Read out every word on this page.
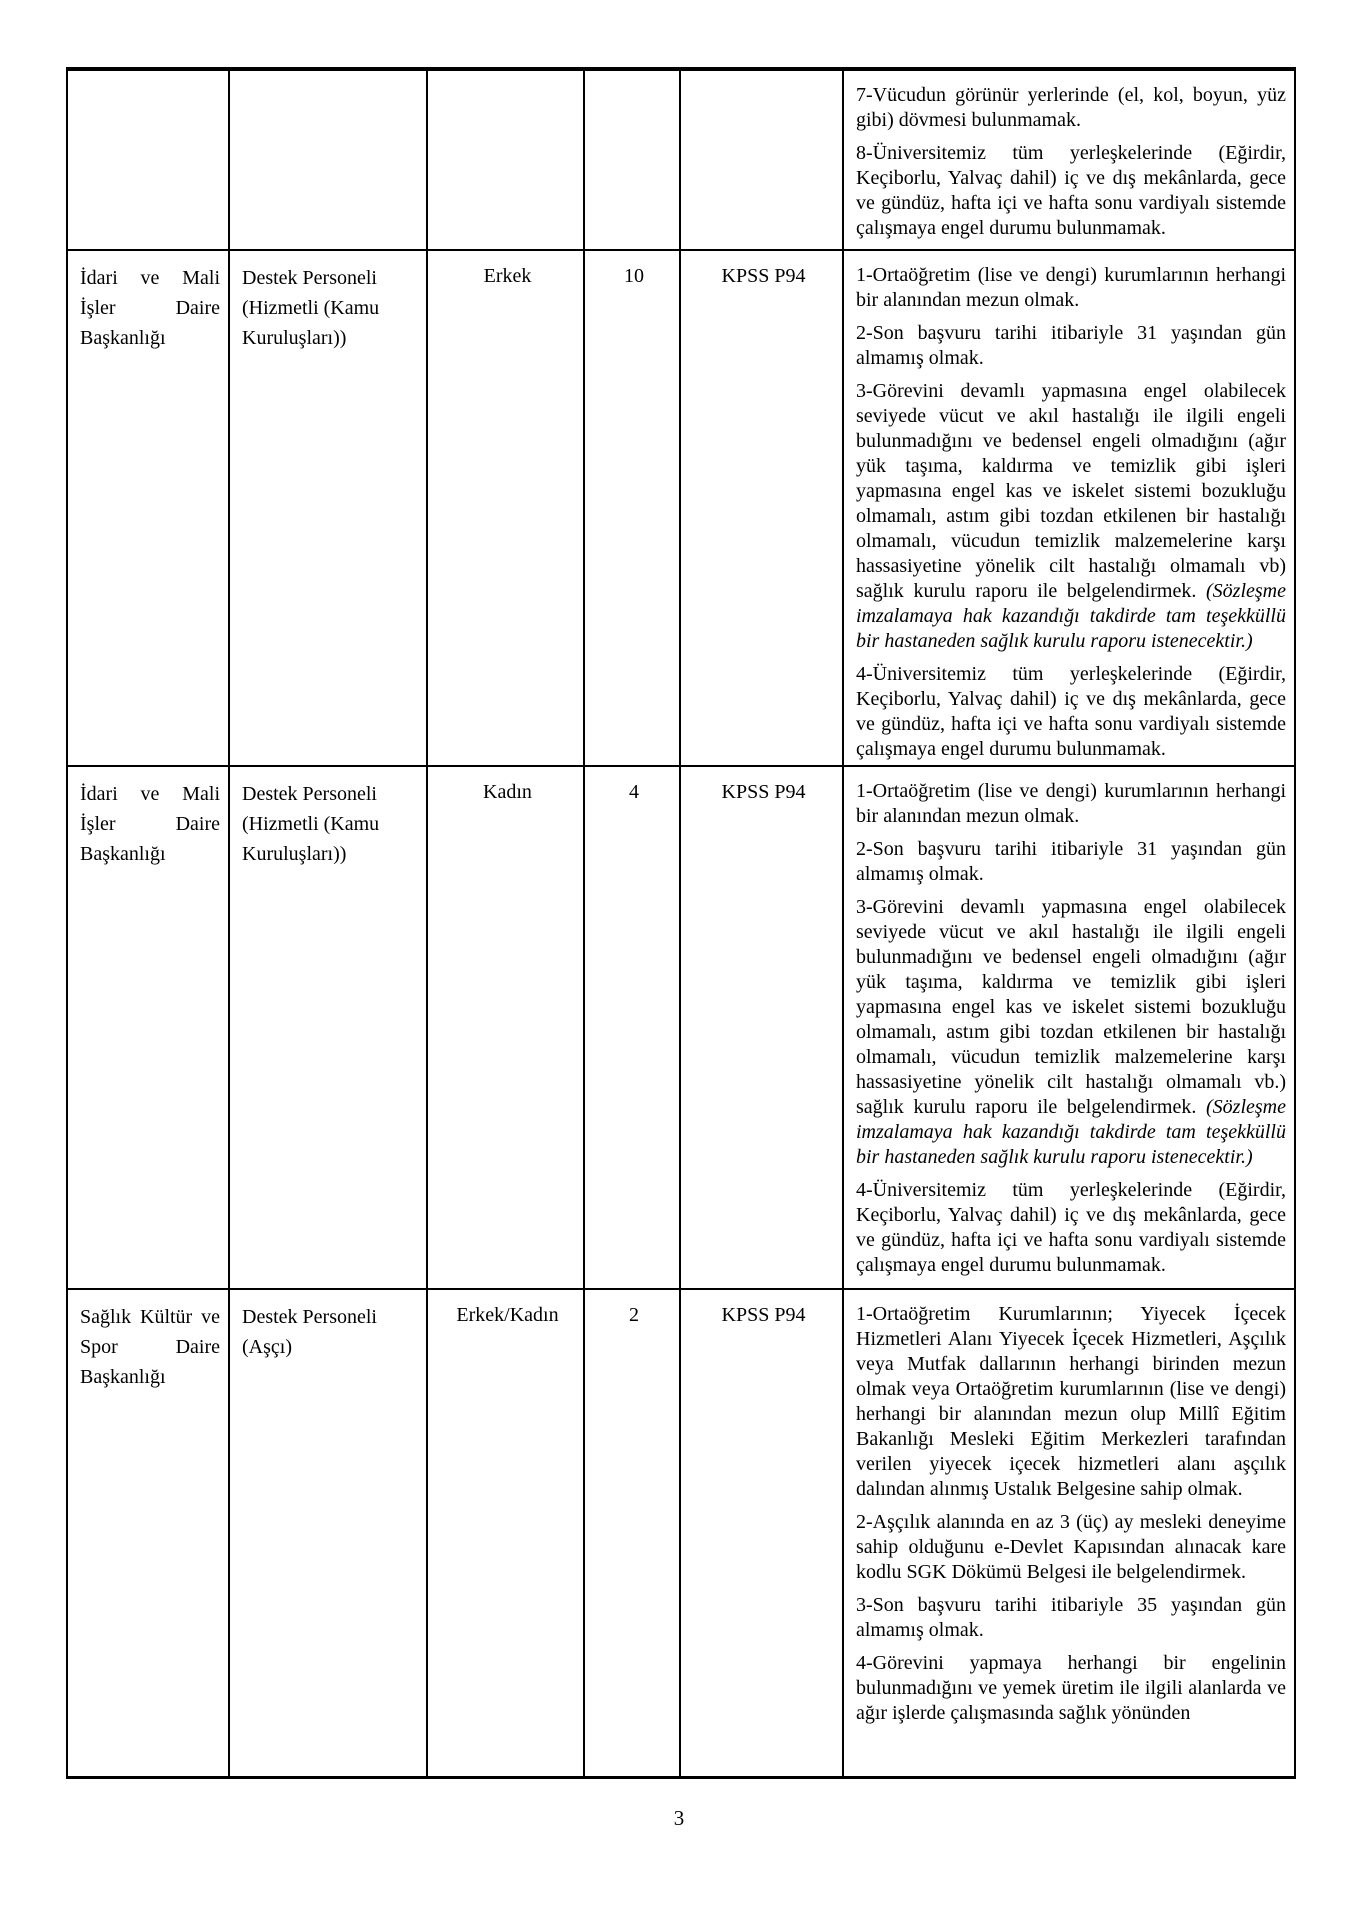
					7-Vücudun görünür yerlerinde (el, kol, boyun, yüz gibi) dövmesi bulunmamak.

8-Üniversitemiz tüm yerleşkelerinde (Eğirdir, Keçiborlu, Yalvaç dahil) iç ve dış mekânlarda, gece ve gündüz, hafta içi ve hafta sonu vardiyalı sistemde çalışmaya engel durumu bulunmamak.

İdari ve Mali İşler Daire Başkanlığı	Destek Personeli (Hizmetli (Kamu Kuruluşları))	Erkek	10	KPSS P94	1-Ortaöğretim (lise ve dengi) kurumlarının herhangi bir alanından mezun olmak.

2-Son başvuru tarihi itibariyle 31 yaşından gün almamış olmak.

3-Görevini devamlı yapmasına engel olabilecek seviyede vücut ve akıl hastalığı ile ilgili engeli bulunmadığını ve bedensel engeli olmadığını (ağır yük taşıma, kaldırma ve temizlik gibi işleri yapmasına engel kas ve iskelet sistemi bozukluğu olmamalı, astım gibi tozdan etkilenen bir hastalığı olmamalı, vücudun temizlik malzemelerine karşı hassasiyetine yönelik cilt hastalığı olmamalı vb) sağlık kurulu raporu ile belgelendirmek. (Sözleşme imzalamaya hak kazandığı takdirde tam teşekküllü bir hastaneden sağlık kurulu raporu istenecektir.)

4-Üniversitemiz tüm yerleşkelerinde (Eğirdir, Keçiborlu, Yalvaç dahil) iç ve dış mekânlarda, gece ve gündüz, hafta içi ve hafta sonu vardiyalı sistemde çalışmaya engel durumu bulunmamak.

İdari ve Mali İşler Daire Başkanlığı	Destek Personeli (Hizmetli (Kamu Kuruluşları))	Kadın	4	KPSS P94	1-Ortaöğretim (lise ve dengi) kurumlarının herhangi bir alanından mezun olmak.

2-Son başvuru tarihi itibariyle 31 yaşından gün almamış olmak.

3-Görevini devamlı yapmasına engel olabilecek seviyede vücut ve akıl hastalığı ile ilgili engeli bulunmadığını ve bedensel engeli olmadığını (ağır yük taşıma, kaldırma ve temizlik gibi işleri yapmasına engel kas ve iskelet sistemi bozukluğu olmamalı, astım gibi tozdan etkilenen bir hastalığı olmamalı, vücudun temizlik malzemelerine karşı hassasiyetine yönelik cilt hastalığı olmamalı vb.) sağlık kurulu raporu ile belgelendirmek. (Sözleşme imzalamaya hak kazandığı takdirde tam teşekküllü bir hastaneden sağlık kurulu raporu istenecektir.)

4-Üniversitemiz tüm yerleşkelerinde (Eğirdir, Keçiborlu, Yalvaç dahil) iç ve dış mekânlarda, gece ve gündüz, hafta içi ve hafta sonu vardiyalı sistemde çalışmaya engel durumu bulunmamak.

Sağlık Kültür ve Spor Daire Başkanlığı	Destek Personeli (Aşçı)	Erkek/Kadın	2	KPSS P94	1-Ortaöğretim Kurumlarının; Yiyecek İçecek Hizmetleri Alanı Yiyecek İçecek Hizmetleri, Aşçılık veya Mutfak dallarının herhangi birinden mezun olmak veya Ortaöğretim kurumlarının (lise ve dengi) herhangi bir alanından mezun olup Millî Eğitim Bakanlığı Mesleki Eğitim Merkezleri tarafından verilen yiyecek içecek hizmetleri alanı aşçılık dalından alınmış Ustalık Belgesine sahip olmak.

2-Aşçılık alanında en az 3 (üç) ay mesleki deneyime sahip olduğunu e-Devlet Kapısından alınacak kare kodlu SGK Dökümü Belgesi ile belgelendirmek.

3-Son başvuru tarihi itibariyle 35 yaşından gün almamış olmak.

4-Görevini yapmaya herhangi bir engelinin bulunmadığını ve yemek üretim ile ilgili alanlarda ve ağır işlerde çalışmasında sağlık yönünden

3
